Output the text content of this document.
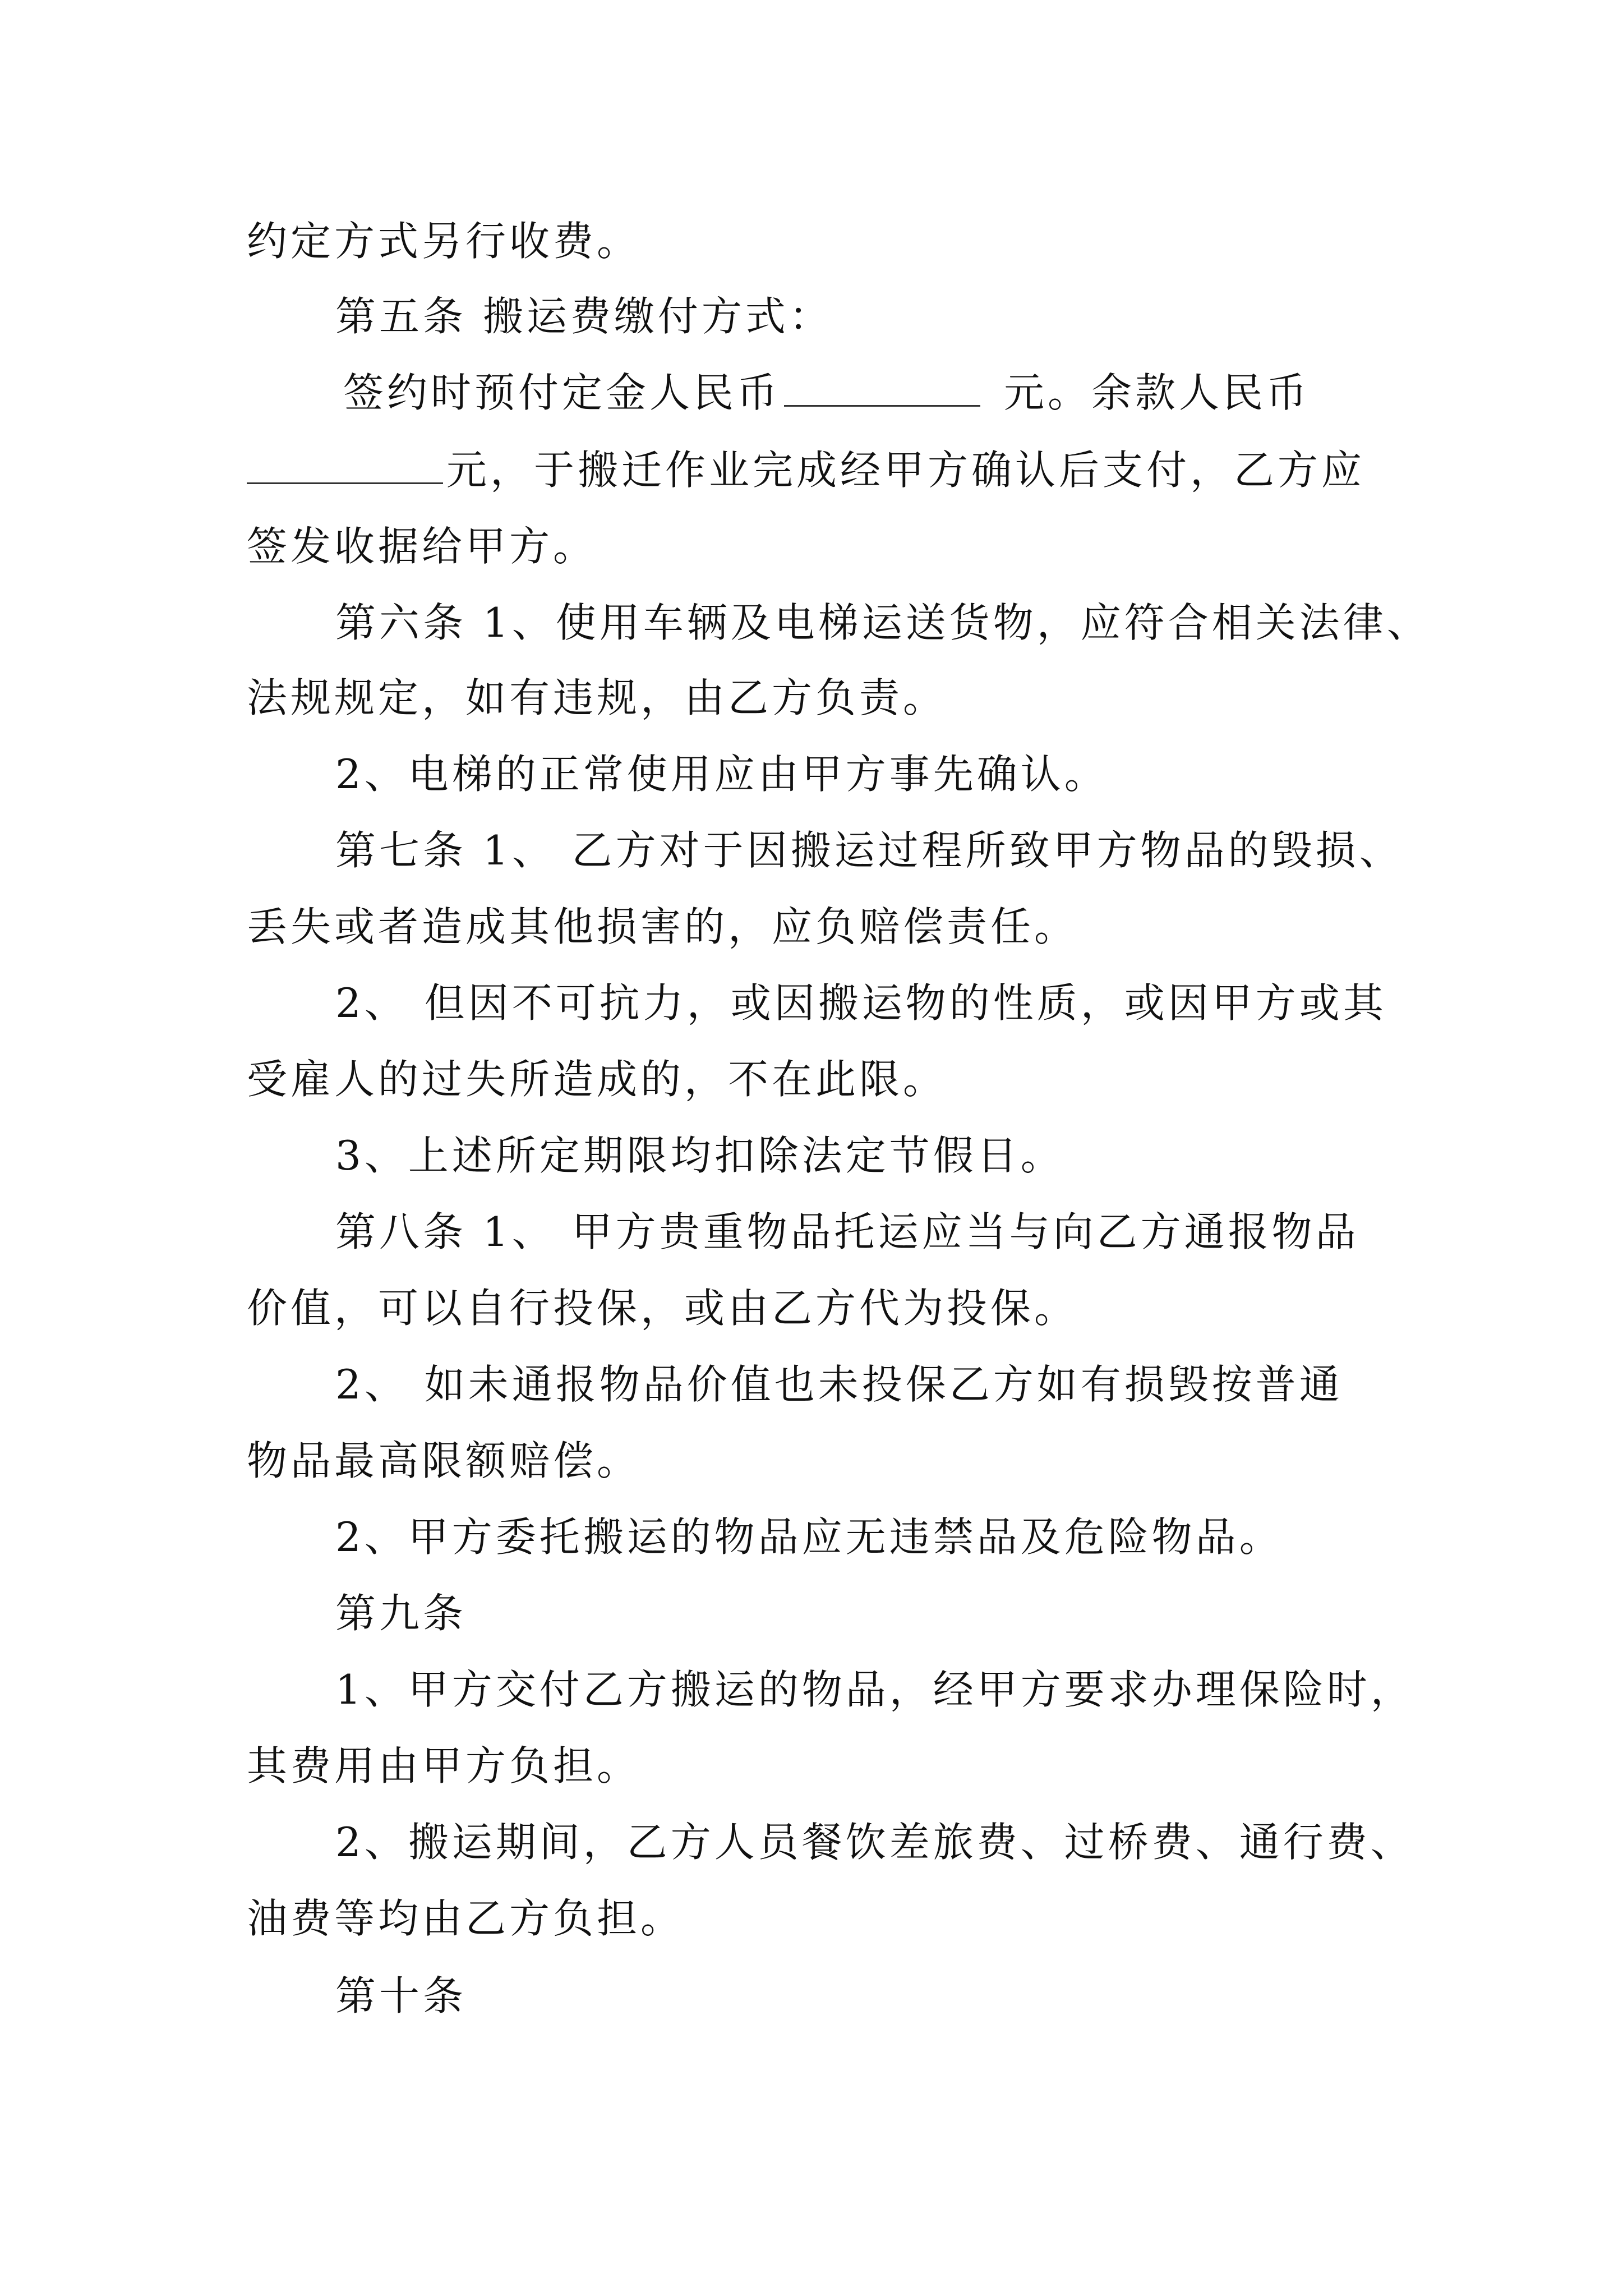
约定方式另行收费。
第五条 搬运费缴付方式：
签约时预付定金人民币	元。余款人民币
元，于搬迁作业完成经甲方确认后支付，乙方应
签发收据给甲方。
第六条 1、使用车辆及电梯运送货物，应符合相关法律、
法规规定，如有违规，由乙方负责。
2、电梯的正常使用应由甲方事先确认。
第七条 1、 乙方对于因搬运过程所致甲方物品的毁损、
丢失或者造成其他损害的，应负赔偿责任。
2、 但因不可抗力，或因搬运物的性质，或因甲方或其
受雇人的过失所造成的，不在此限。
3、上述所定期限均扣除法定节假日。
第八条 1、 甲方贵重物品托运应当与向乙方通报物品
价值，可以自行投保，或由乙方代为投保。
2、 如未通报物品价值也未投保乙方如有损毁按普通
物品最高限额赔偿。
2、甲方委托搬运的物品应无违禁品及危险物品。
第九条
1、甲方交付乙方搬运的物品，经甲方要求办理保险时，
其费用由甲方负担。
2、搬运期间，乙方人员餐饮差旅费、过桥费、通行费、
油费等均由乙方负担。
第十条
